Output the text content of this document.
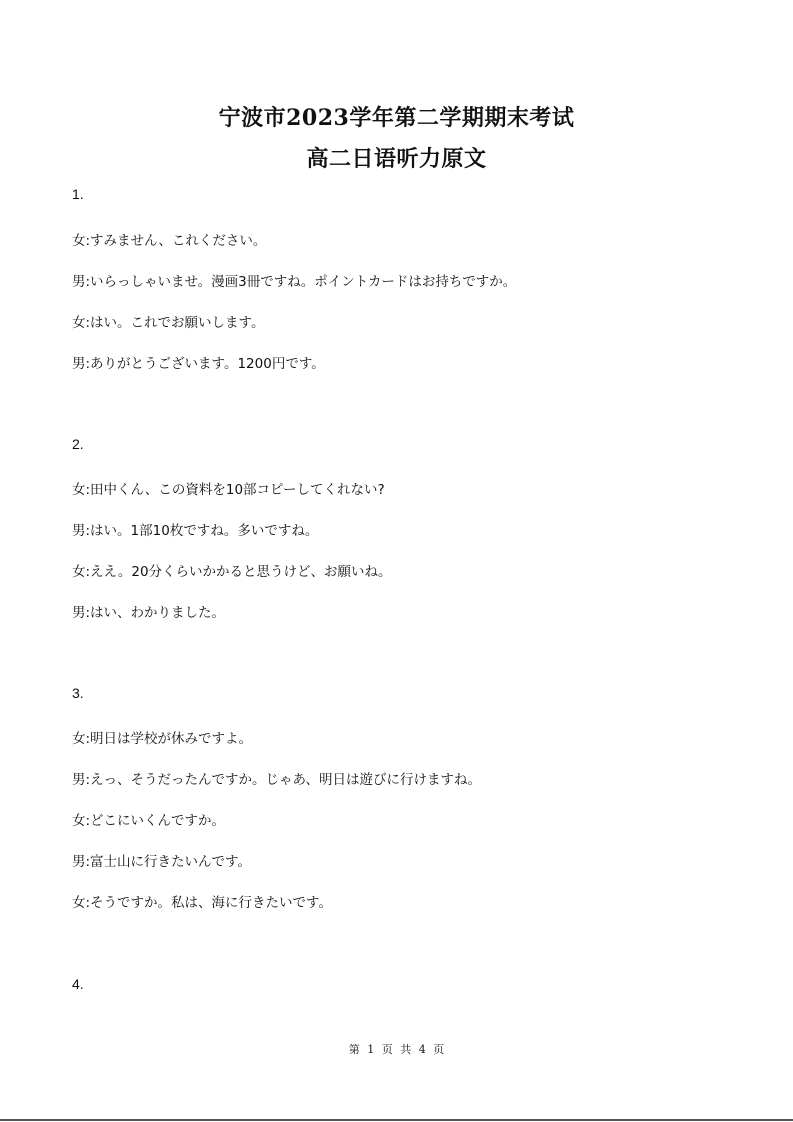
宁波市2023学年第二学期期末考试
高二日语听力原文

1.

女:すみません、これください。

男:いらっしゃいませ。漫画3冊ですね。ポイントカードはお持ちですか。

女:はい。これでお願いします。

男:ありがとうございます。1200円です。

2.

女:田中くん、この資料を10部コピーしてくれない?

男:はい。1部10枚ですね。多いですね。

女:ええ。20分くらいかかると思うけど、お願いね。

男:はい、わかりました。

3.

女:明日は学校が休みですよ。

男:えっ、そうだったんですか。じゃあ、明日は遊びに行けますね。

女:どこにいくんですか。

男:富士山に行きたいんです。

女:そうですか。私は、海に行きたいです。

4.

第 1 页 共 4 页
